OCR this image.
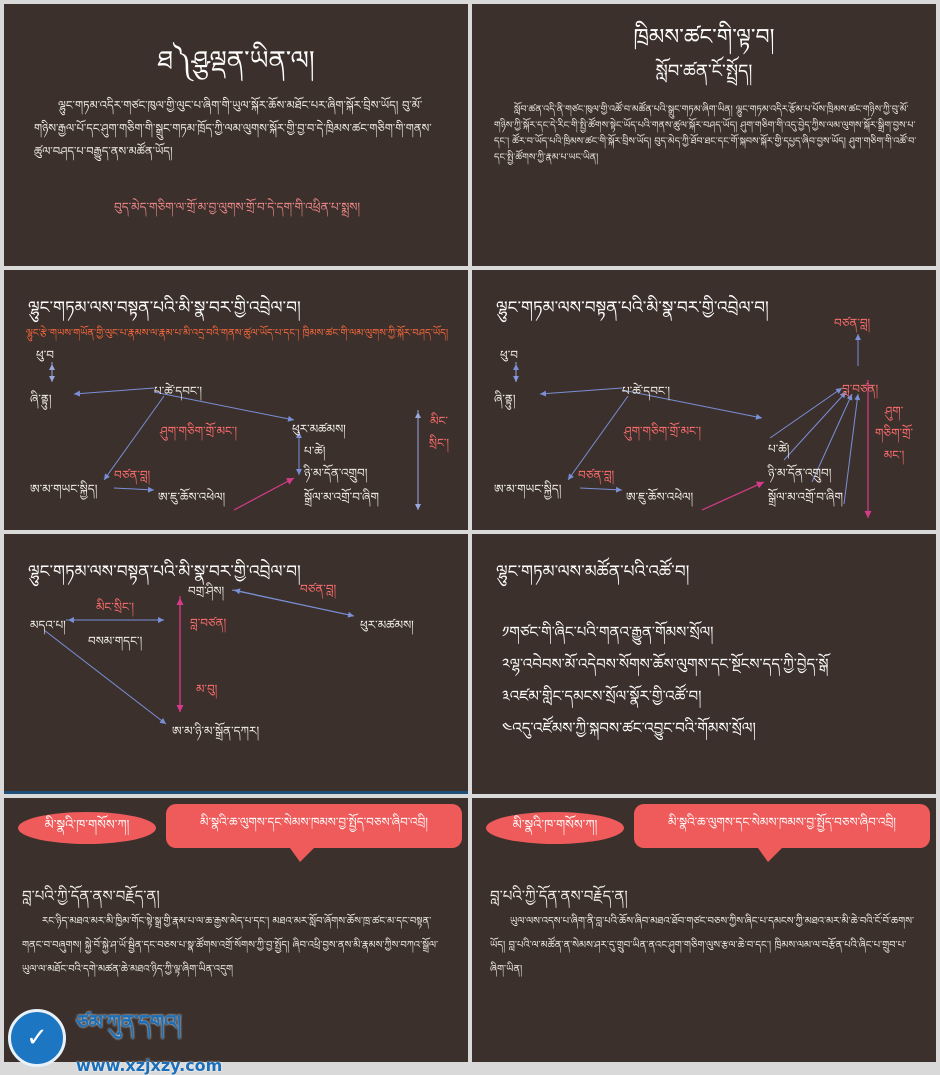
ཐ༽ཤྩལྡན་ཡིན་ལ།
ལྷུང་གཏམ་འདིར་གཙང་ཁུལ་གྱི་ལུང་པ་ཞིག་གི་ཡུལ་སྐོར་ཆོས་མཐོང་པར་ཞིག་སྐོར་བྲིས་ཡོད། བུ་མོ་གཉིས་རྒྱལ་པོ་དང་ཤུག་གཅིག་གི་སྒྲུང་གཏམ་ཁྲོད་ཀྱི་ལམ་ལུགས་སྐོར་གྱི་བྱ་བ་དེ་ཁྲིམས་ཚང་གཅིག་གི་གནས་ཚུལ་བཤད་པ་བརྒྱུད་ནས་མཚོན་ཡོད།
བུད་མེད་གཅིག་ལ་གྲོ་མ་བྱ་ལུགས་གྲོ་བ་དེ་དག་གི་འཕྲིན་པ་སྨྲས།
ཁྲིམས་ཚང་གི་ལྟ་བ།
སློབ་ཚན་ངོ་སྤྲོད།
སློབ་ཚན་འདི་ནི་གཙང་ཁུལ་གྱི་འཚོ་བ་མཚོན་པའི་སྒྲུང་གཏམ་ཞིག་ཡིན། ལྷུང་གཏམ་འདིར་རྩོམ་པ་པོས་ཁྲིམས་ཚང་གཉིས་ཀྱི་བུ་མོ་གཉིས་ཀྱི་སྐོར་དང་དེ་རིང་གི་སྤྱི་ཚོགས་སྟེང་ཡོད་པའི་གནས་ཚུལ་སྐོར་བཤད་ཡོད། ཤུག་གཅིག་གི་འདུ་བྱེད་ཀྱིས་ལམ་ལུགས་སྐོར་སྒྲིག་བྱས་པ་དང་། ཚོར་བ་ཡོད་པའི་ཁྲིམས་ཚང་གི་སྐོར་བྲིས་ཡོད། བུད་མེད་ཀྱི་ཐོབ་ཐང་དང་གོ་སྐབས་སྐོར་གྱི་དཔྱད་ཞིབ་བྱས་ཡོད། ཤུག་གཅིག་གི་འཚོ་བ་དང་སྤྱི་ཚོགས་ཀྱི་རྣམ་པ་ཡང་ཡིན།
ལྷུང་གཏམ་ལས་བསྟན་པའི་མི་སྣ་བར་གྱི་འབྲེལ་བ།
ལྷུང་རྩེ་གཡས་གཡོན་གྱི་ལུང་པ་རྣམས་ལ་རྣམ་པ་མི་འདྲ་བའི་གནས་ཚུལ་ཡོད་པ་དང་། ཁྲིམས་ཚང་གི་ལམ་ལུགས་ཀྱི་སྐོར་བཤད་ཡོད།
ཕུ་བ
ཞི་ནྟུ།
པ་ཚེ་དབང་།
ཕུར་མཚམས།
པ་ཚེ།
ཉི་མ་དོན་འགྲུབ།
སྒྲོལ་མ་འགྲོ་བ་ཞིག
ཨ་མ་གཡང་སྐྱིད།
ཨ་ཇུ་ཆོས་འཕེལ།
ཤུག་གཅིག་གྲོ་མང་།
བཙན་བླ།
མིང་སྲིང་།
ལྷུང་གཏམ་ལས་བསྟན་པའི་མི་སྣ་བར་གྱི་འབྲེལ་བ།
ཕུ་བ
ཞི་ནྟུ།
པ་ཚེ་དབང་།
པ་ཚེ།
ཉི་མ་དོན་འགྲུབ།
སྒྲོལ་མ་འགྲོ་བ་ཞིག
ཨ་མ་གཡང་སྐྱིད།
ཨ་ཇུ་ཆོས་འཕེལ།
ཤུག་གཅིག་གྲོ་མང་།
བཙན་བླ།
བཙན་བླ།
བླ་བཙན།
ཤུག་གཅིག་གྲོ་མང་།
ལྷུང་གཏམ་ལས་བསྟན་པའི་མི་སྣ་བར་གྱི་འབྲེལ་བ།
མདའ་པ།
བསམ་གདང་།
བགྲ་ཤིས།
ཕུར་མཚམས།
ཨ་མ་ཉི་མ་སྒྲོན་དཀར།
མིང་སྲིང་།
བླ་བཙན།
བཙན་བླ།
མ་བུ།
ལྷུང་གཏམ་ལས་མཚོན་པའི་འཚོ་བ།
༡གཙང་གི་ཞིང་པའི་གནའ་རྒྱུན་གོམས་སྲོལ།
༢ལྷ་འབེབས་མོ་འདེབས་སོགས་ཆོས་ལུགས་དང་སྔོངས་དད་ཀྱི་བྱེད་སྒོ
༣འཛམ་གླིང་དམངས་སྲོལ་སྣོར་གྱི་འཚོ་བ།
༤འདུ་འཛོམས་ཀྱི་སྐབས་ཚང་འབྱུང་བའི་གོམས་སྲོལ།
མི་སྣའི་ཁ་གསོས་ཀ།	མི་སྣའི་ཆ་ལུགས་དང་སེམས་ཁམས་བྱ་སྤྱོད་བཅས་ཞིབ་འབྲི།
བླ་པའི་ཀྱི་དོན་ནས་བརྗོད་ན།
རང་ཉིད་མཐའ་མར་མི་ཁྱིམ་གོང་སྟེ་སྒྲ་གྱི་རྣམ་པ་ལ་ཆ་རྒྱས་མེད་པ་དང་། མཐའ་མར་སློབ་ཞོགས་ཆོས་ཁྲ་ཚང་མ་དང་བསྟན་གནང་བ་བཞུགས། སྐྱེ་བོ་སྐྱེ་ཤ་ཡོ་སྦྱིན་དང་བཅས་པ་སྣ་ཚོགས་འགྲོ་སོགས་ཀྱི་བྱ་སྤྱོད། ཞིབ་འཕྲི་བྱས་ནས་མི་རྣམས་ཀྱིས་བཀའ་སྒྲོལ་ཡུལ་ལ་མཐོང་བའི་དགེ་མཚན་ཆེ་མཐའ་ཉིད་ཀྱི་ལྟ་ཞིག་ཡིན་འདུག
མི་སྣའི་ཁ་གསོས་ཀ།	མི་སྣའི་ཆ་ལུགས་དང་སེམས་ཁམས་བྱ་སྤྱོད་བཅས་ཞིབ་འབྲི།
བླ་པའི་ཀྱི་དོན་ནས་བརྗོད་ན།
ཡུལ་ལས་འདས་པ་ཞིག་ནི་བླ་པའི་ཆོས་ཞིབ་མཐའ་ཐོབ་གཙང་བཅས་ཀྱིས་ཞིང་པ་དམངས་ཀྱི་མཐའ་མར་མི་ཆེ་བའི་ངོ་བོ་ཆགས་ཡོད། བླ་པའི་ལ་མཚོན་ན་སེམས་ཤར་དུ་གྲུབ་ཡིན་ནའང་ཤུག་གཅིག་ལུས་རྩལ་ཆེ་བ་དང་། ཁྲིམས་ལམ་ལ་བརྩོན་པའི་ཞིང་པ་གྲུབ་པ་ཞིག་ཡིན།
✓
ཙམ་ཀུན་དགའ།
www.xzjxzy.com
